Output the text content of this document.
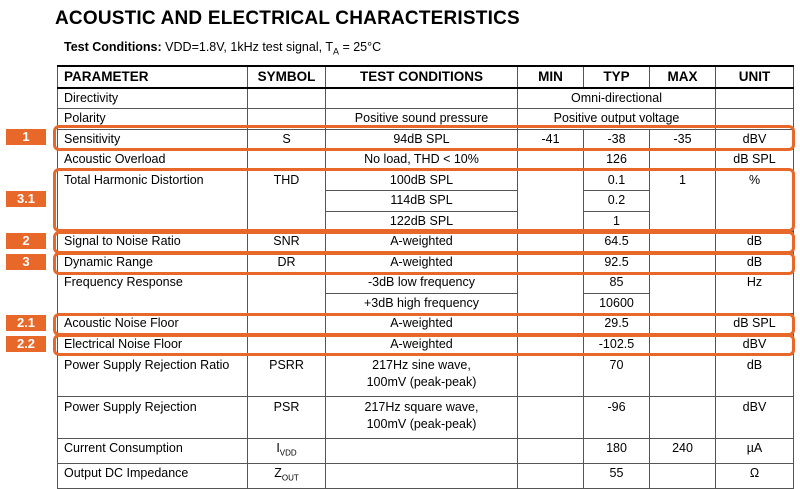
ACOUSTIC AND ELECTRICAL CHARACTERISTICS
Test Conditions: VDD=1.8V, 1kHz test signal, $T_A = 25^\circ C$
PARAMETER	SYMBOL	TEST CONDITIONS	MIN	TYP	MAX	UNIT
Directivity			Omni-directional			
Polarity		Positive sound pressure	Positive output voltage			
Sensitivity	S	94dB SPL	-41	-38	-35	dBV
Acoustic Overload		No load, THD < 10%		126		dB SPL
Total Harmonic Distortion	THD	100dB SPL		0.1	1	%
		114dB SPL		0.2		
		122dB SPL		1		
Signal to Noise Ratio	SNR	A-weighted		64.5		dB
Dynamic Range	DR	A-weighted		92.5		dB
Frequency Response		-3dB low frequency		85		Hz
		+3dB high frequency		10600		
Acoustic Noise Floor		A-weighted		29.5		dB SPL
Electrical Noise Floor		A-weighted		-102.5		dBV
Power Supply Rejection Ratio	PSRR	217Hz sine wave,
100mV (peak-peak)		70		dB
Power Supply Rejection	PSR	217Hz square wave,
100mV (peak-peak)		-96		dBV
Current Consumption	$I_{VDD}$			180	240	µA
Output DC Impedance	$Z_{OUT}$			55		Ω
1
3.1
2
3
2.1
2.2
